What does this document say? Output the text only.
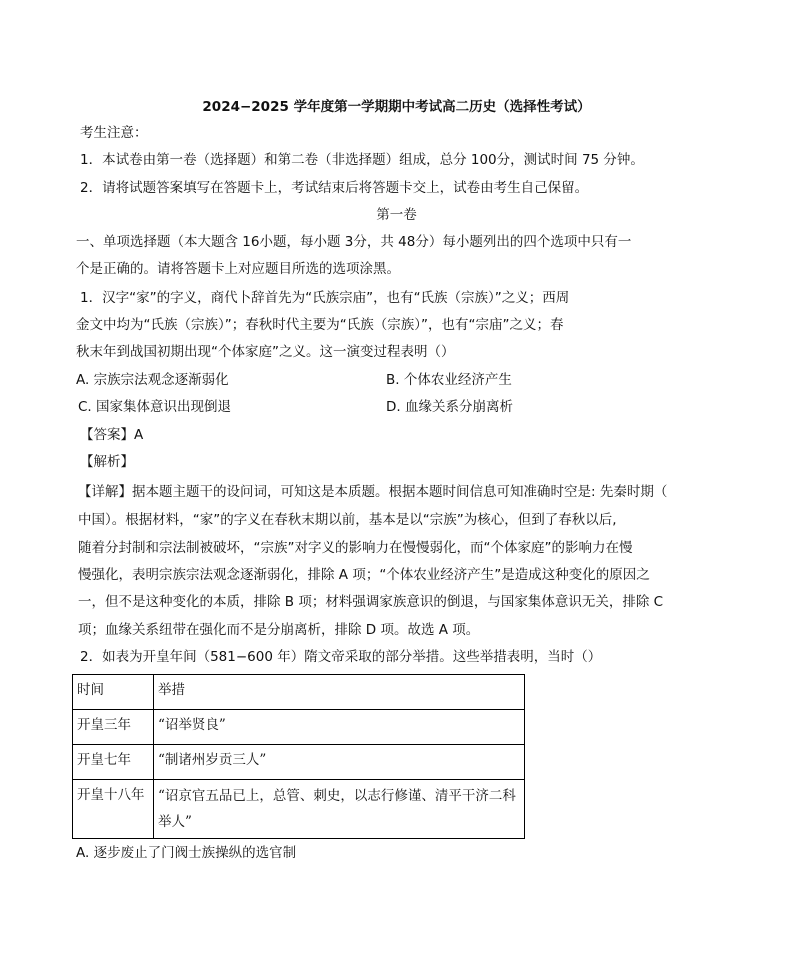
2024−2025 学年度第一学期期中考试高二历史（选择性考试）
考生注意：
1．本试卷由第一卷（选择题）和第二卷（非选择题）组成，总分 100分，测试时间 75 分钟。
2．请将试题答案填写在答题卡上，考试结束后将答题卡交上，试卷由考生自己保留。
第一卷
一、单项选择题（本大题含 16小题，每小题 3分，共 48分）每小题列出的四个选项中只有一
个是正确的。请将答题卡上对应题目所选的选项涂黑。
1．汉字“家”的字义，商代卜辞首先为“氏族宗庙”，也有“氏族（宗族）”之义；西周
金文中均为“氏族（宗族）”；春秋时代主要为“氏族（宗族）”，也有“宗庙”之义；春
秋末年到战国初期出现“个体家庭”之义。这一演变过程表明（）
A. 宗族宗法观念逐渐弱化	B. 个体农业经济产生
C. 国家集体意识出现倒退	D. 血缘关系分崩离析
【答案】A
【解析】
【详解】据本题主题干的设问词，可知这是本质题。根据本题时间信息可知准确时空是: 先秦时期（
中国）。根据材料，“家”的字义在春秋末期以前，基本是以“宗族”为核心，但到了春秋以后,
随着分封制和宗法制被破坏，“宗族”对字义的影响力在慢慢弱化，而“个体家庭”的影响力在慢
慢强化，表明宗族宗法观念逐渐弱化，排除 A 项；“个体农业经济产生”是造成这种变化的原因之
一，但不是这种变化的本质，排除 B 项；材料强调家族意识的倒退，与国家集体意识无关，排除 C
项；血缘关系纽带在强化而不是分崩离析，排除 D 项。故选 A 项。
2．如表为开皇年间（581−600 年）隋文帝采取的部分举措。这些举措表明，当时（）
时间	举措
开皇三年	“诏举贤良”
开皇七年	“制诸州岁贡三人”
开皇十八年	“诏京官五品已上，总管、刺史，以志行修谨、清平干济二科举人”
A. 逐步废止了门阀士族操纵的选官制
